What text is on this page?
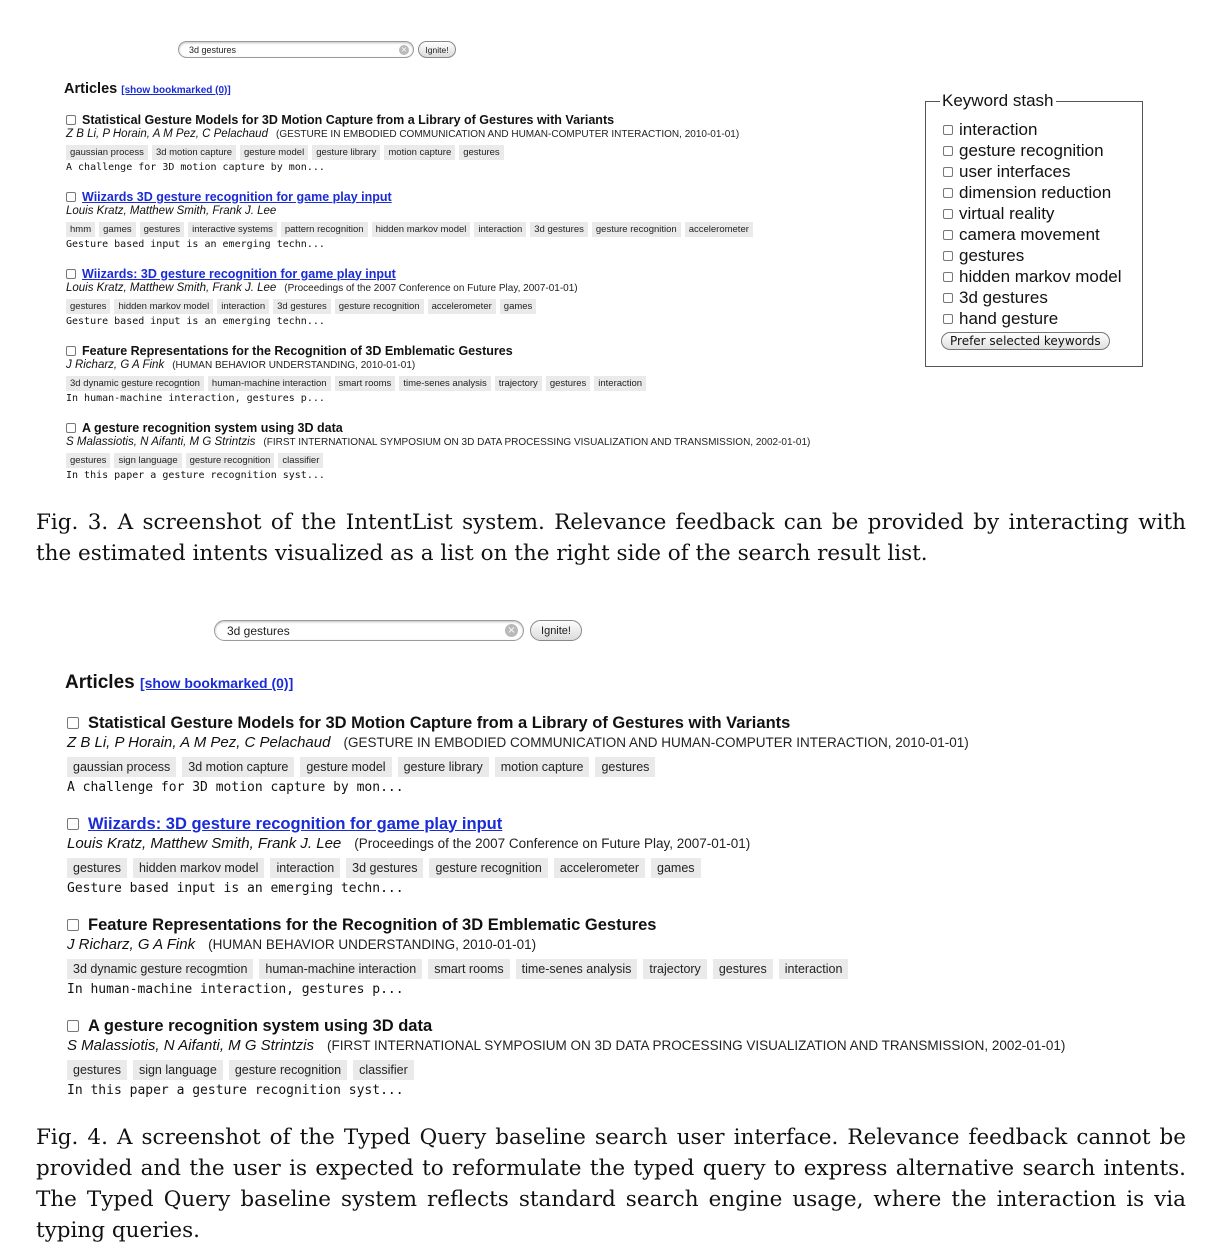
3d gestures	×	Ignite!
Articles [show bookmarked (0)]
Statistical Gesture Models for 3D Motion Capture from a Library of Gestures with Variants
Z B Li, P Horain, A M Pez, C Pelachaud (GESTURE IN EMBODIED COMMUNICATION AND HUMAN-COMPUTER INTERACTION, 2010-01-01)
gaussian process	3d motion capture	gesture model	gesture library	motion capture	gestures
A challenge for 3D motion capture by mon...
Wiizards 3D gesture recognition for game play input
Louis Kratz, Matthew Smith, Frank J. Lee
hmm	games	gestures	interactive systems	pattern recognition	hidden markov model	interaction	3d gestures	gesture recognition	accelerometer
Gesture based input is an emerging techn...
Wiizards: 3D gesture recognition for game play input
Louis Kratz, Matthew Smith, Frank J. Lee (Proceedings of the 2007 Conference on Future Play, 2007-01-01)
gestures	hidden markov model	interaction	3d gestures	gesture recognition	accelerometer	games
Gesture based input is an emerging techn...
Feature Representations for the Recognition of 3D Emblematic Gestures
J Richarz, G A Fink (HUMAN BEHAVIOR UNDERSTANDING, 2010-01-01)
3d dynamic gesture recogntion	human-machine interaction	smart rooms	time-senes analysis	trajectory	gestures	interaction
In human-machine interaction, gestures p...
A gesture recognition system using 3D data
S Malassiotis, N Aifanti, M G Strintzis (FIRST INTERNATIONAL SYMPOSIUM ON 3D DATA PROCESSING VISUALIZATION AND TRANSMISSION, 2002-01-01)
gestures	sign language	gesture recognition	classifier
In this paper a gesture recognition syst...
Keyword stash
interaction
gesture recognition
user interfaces
dimension reduction
virtual reality
camera movement
gestures
hidden markov model
3d gestures
hand gesture
Prefer selected keywords
Fig. 3. A screenshot of the IntentList system. Relevance feedback can be provided by interacting with the estimated intents visualized as a list on the right side of the search result list.
3d gestures	×	Ignite!
Articles [show bookmarked (0)]
Statistical Gesture Models for 3D Motion Capture from a Library of Gestures with Variants
Z B Li, P Horain, A M Pez, C Pelachaud (GESTURE IN EMBODIED COMMUNICATION AND HUMAN-COMPUTER INTERACTION, 2010-01-01)
gaussian process	3d motion capture	gesture model	gesture library	motion capture	gestures
A challenge for 3D motion capture by mon...
Wiizards: 3D gesture recognition for game play input
Louis Kratz, Matthew Smith, Frank J. Lee (Proceedings of the 2007 Conference on Future Play, 2007-01-01)
gestures	hidden markov model	interaction	3d gestures	gesture recognition	accelerometer	games
Gesture based input is an emerging techn...
Feature Representations for the Recognition of 3D Emblematic Gestures
J Richarz, G A Fink (HUMAN BEHAVIOR UNDERSTANDING, 2010-01-01)
3d dynamic gesture recogmtion	human-machine interaction	smart rooms	time-senes analysis	trajectory	gestures	interaction
In human-machine interaction, gestures p...
A gesture recognition system using 3D data
S Malassiotis, N Aifanti, M G Strintzis (FIRST INTERNATIONAL SYMPOSIUM ON 3D DATA PROCESSING VISUALIZATION AND TRANSMISSION, 2002-01-01)
gestures	sign language	gesture recognition	classifier
In this paper a gesture recognition syst...
Fig. 4. A screenshot of the Typed Query baseline search user interface. Relevance feedback cannot be provided and the user is expected to reformulate the typed query to express alternative search intents. The Typed Query baseline system reflects standard search engine usage, where the interaction is via typing queries.
